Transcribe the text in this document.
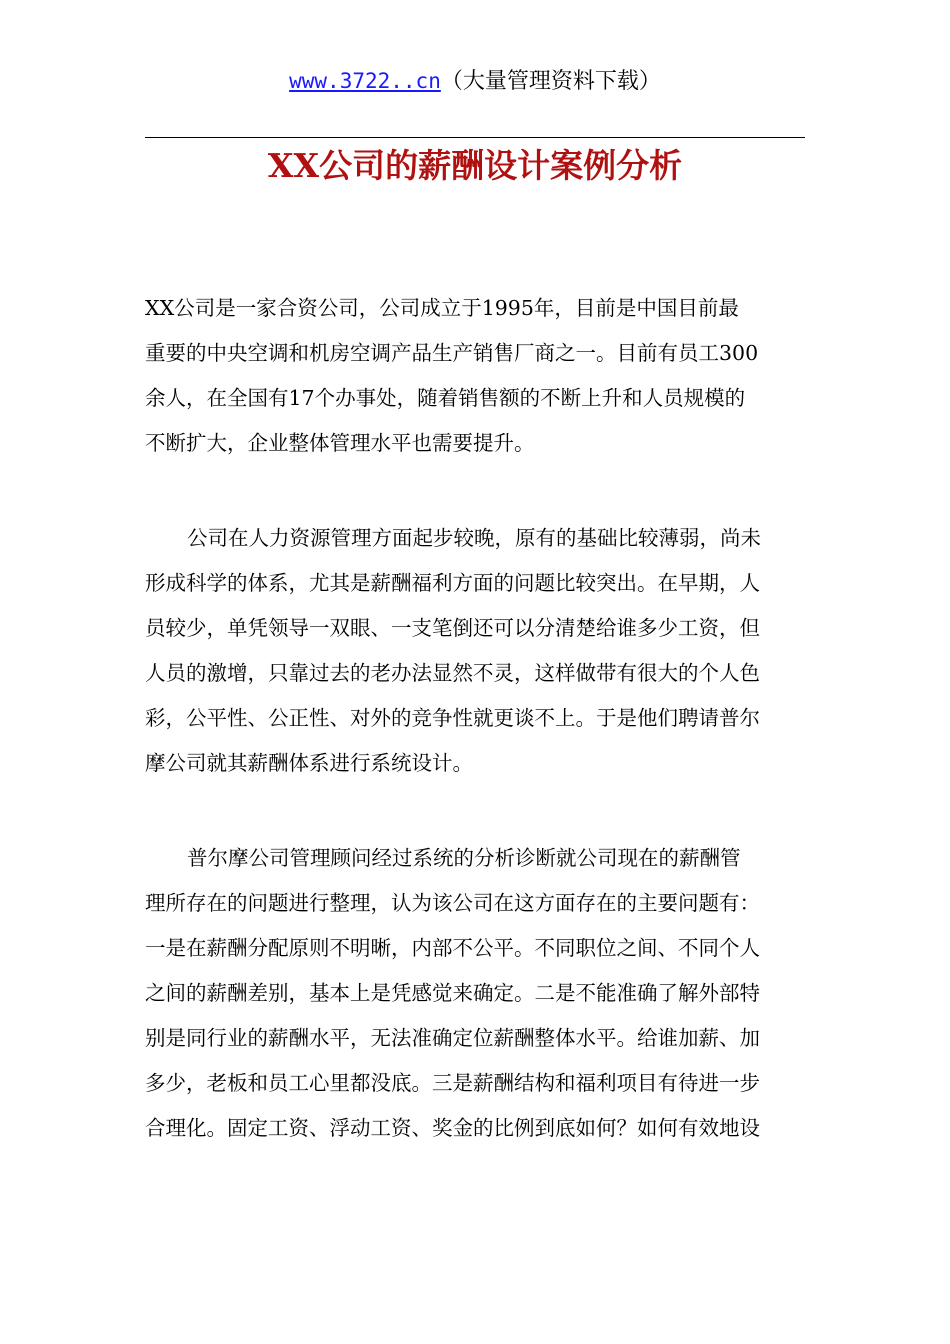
www.3722..cn（大量管理资料下载）
XX公司的薪酬设计案例分析

XX公司是一家合资公司，公司成立于1995年，目前是中国目前最
重要的中央空调和机房空调产品生产销售厂商之一。目前有员工300
余人，在全国有17个办事处，随着销售额的不断上升和人员规模的
不断扩大，企业整体管理水平也需要提升。

公司在人力资源管理方面起步较晚，原有的基础比较薄弱，尚未
形成科学的体系，尤其是薪酬福利方面的问题比较突出。在早期，人
员较少，单凭领导一双眼、一支笔倒还可以分清楚给谁多少工资，但
人员的激增，只靠过去的老办法显然不灵，这样做带有很大的个人色
彩，公平性、公正性、对外的竞争性就更谈不上。于是他们聘请普尔
摩公司就其薪酬体系进行系统设计。

普尔摩公司管理顾问经过系统的分析诊断就公司现在的薪酬管
理所存在的问题进行整理，认为该公司在这方面存在的主要问题有：
一是在薪酬分配原则不明晰，内部不公平。不同职位之间、不同个人
之间的薪酬差别，基本上是凭感觉来确定。二是不能准确了解外部特
别是同行业的薪酬水平，无法准确定位薪酬整体水平。给谁加薪、加
多少，老板和员工心里都没底。三是薪酬结构和福利项目有待进一步
合理化。固定工资、浮动工资、奖金的比例到底如何？如何有效地设
